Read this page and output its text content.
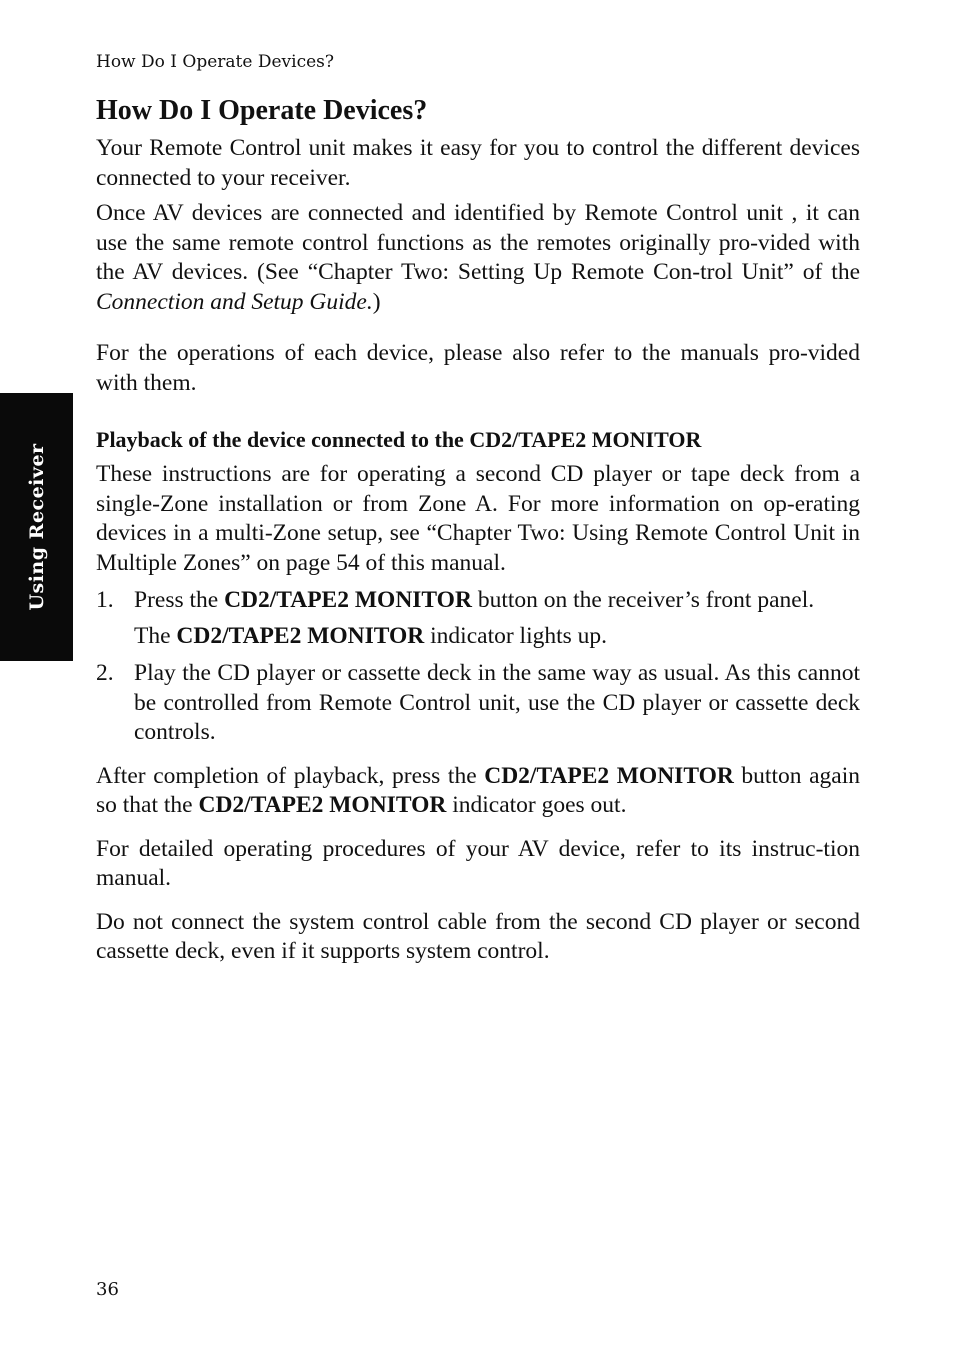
How Do I Operate Devices?
Using Receiver
How Do I Operate Devices?

Your Remote Control unit makes it easy for you to control the different devices connected to your receiver.

Once AV devices are connected and identified by Remote Control unit , it can use the same remote control functions as the remotes originally pro-vided with the AV devices. (See “Chapter Two: Setting Up Remote Con-trol Unit” of the Connection and Setup Guide.)

For the operations of each device, please also refer to the manuals pro-vided with them.

Playback of the device connected to the CD2/TAPE2 MONITOR

These instructions are for operating a second CD player or tape deck from a single-Zone installation or from Zone A. For more information on op-erating devices in a multi-Zone setup, see “Chapter Two: Using Remote Control Unit in Multiple Zones” on page 54 of this manual.

1. Press the CD2/TAPE2 MONITOR button on the receiver’s front panel.

The CD2/TAPE2 MONITOR indicator lights up.

2. Play the CD player or cassette deck in the same way as usual. As this cannot be controlled from Remote Control unit, use the CD player or cassette deck controls.

After completion of playback, press the CD2/TAPE2 MONITOR button again so that the CD2/TAPE2 MONITOR indicator goes out.

For detailed operating procedures of your AV device, refer to its instruc-tion manual.

Do not connect the system control cable from the second CD player or second cassette deck, even if it supports system control.

36
